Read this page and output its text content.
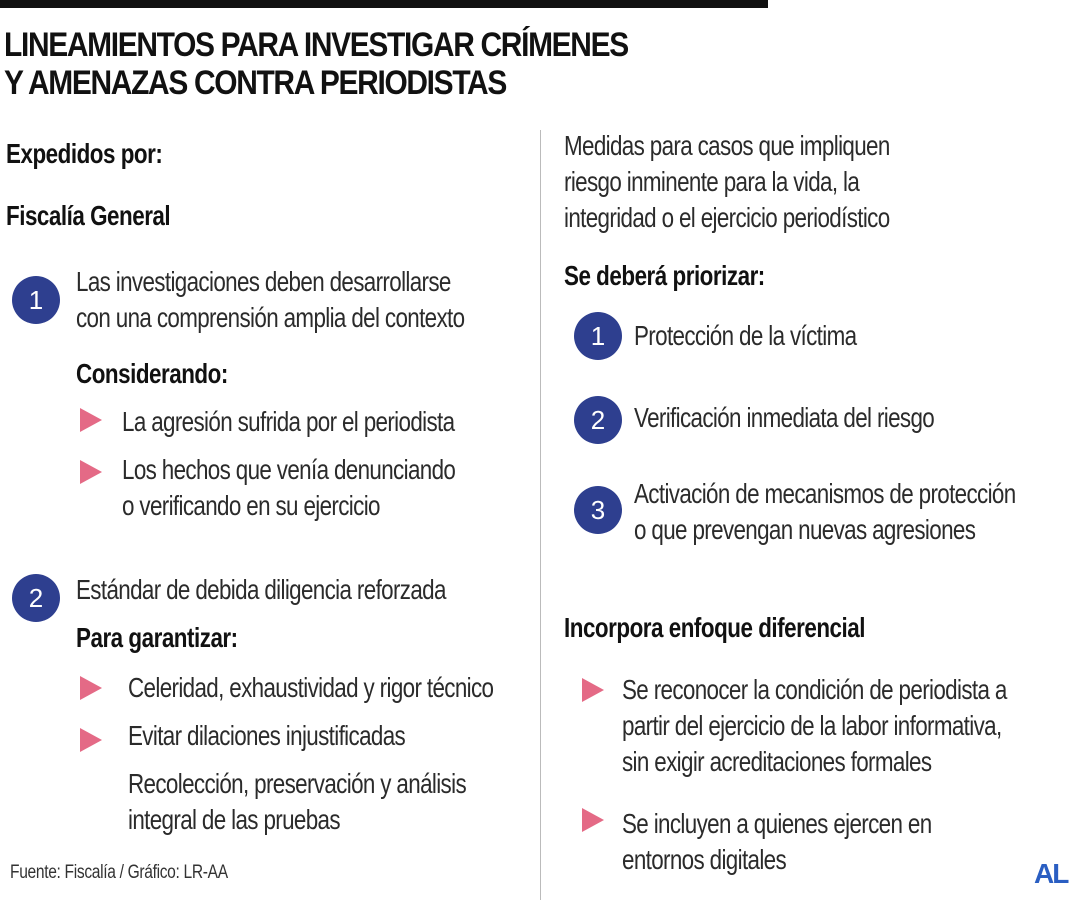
LINEAMIENTOS PARA INVESTIGAR CRÍMENES
Y AMENAZAS CONTRA PERIODISTAS

Expedidos por:

Fiscalía General

1

Las investigaciones deben desarrollarse
con una comprensión amplia del contexto

Considerando:

La agresión sufrida por el periodista

Los hechos que venía denunciando
o verificando en su ejercicio

2	Estándar de debida diligencia reforzada

Para garantizar:

Celeridad, exhaustividad y rigor técnico

Evitar dilaciones injustificadas

Recolección, preservación y análisis
integral de las pruebas

Medidas para casos que impliquen
riesgo inminente para la vida, la
integridad o el ejercicio periodístico

Se deberá priorizar:

1	Protección de la víctima

2	Verificación inmediata del riesgo

3

Activación de mecanismos de protección
o que prevengan nuevas agresiones

Incorpora enfoque diferencial

Se reconocer la condición de periodista a
partir del ejercicio de la labor informativa,
sin exigir acreditaciones formales

Se incluyen a quienes ejercen en
entornos digitales

Fuente: Fiscalía / Gráfico: LR-AA	AL
